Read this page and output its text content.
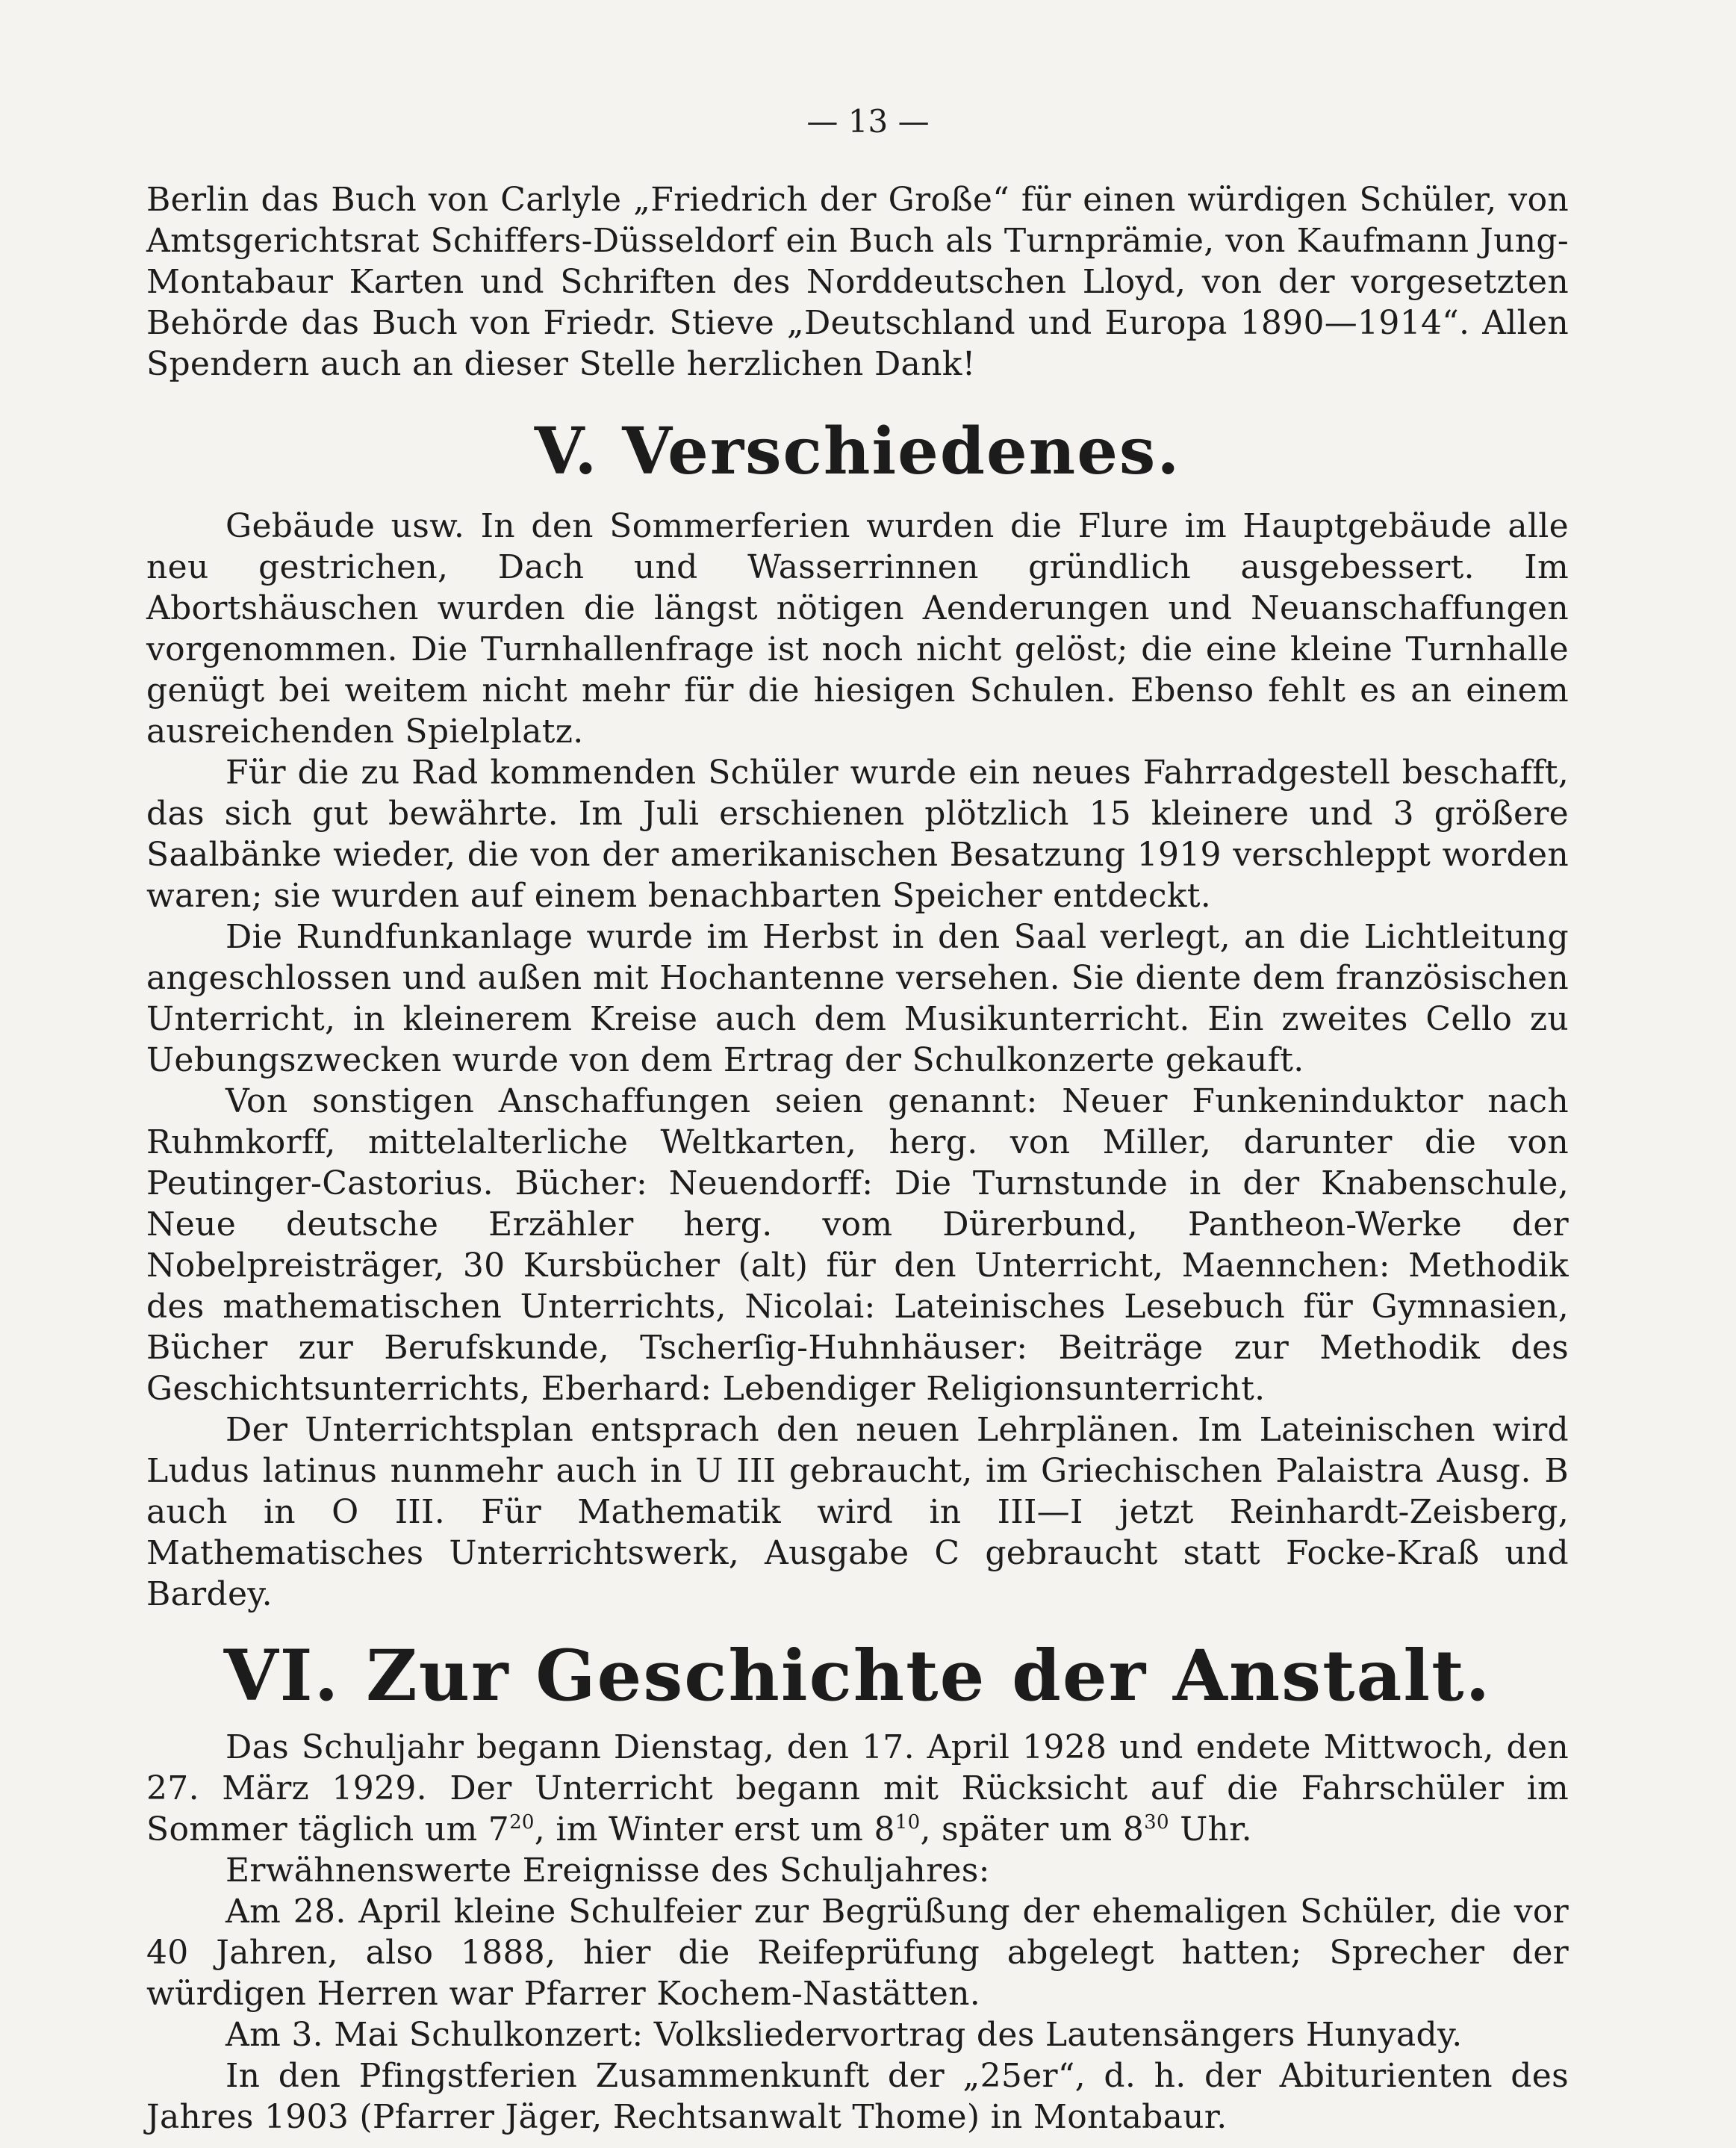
— 13 —

Berlin das Buch von Carlyle „Friedrich der Große“ für einen würdigen Schüler, von Amtsgerichtsrat Schiffers-Düsseldorf ein Buch als Turnprämie, von Kaufmann Jung-Montabaur Karten und Schriften des Norddeutschen Lloyd, von der vorgesetzten Behörde das Buch von Friedr. Stieve „Deutschland und Europa 1890—1914“. Allen Spendern auch an dieser Stelle herzlichen Dank!

V. Verschiedenes.

Gebäude usw. In den Sommerferien wurden die Flure im Hauptgebäude alle neu gestrichen, Dach und Wasserrinnen gründlich ausgebessert. Im Abortshäuschen wurden die längst nötigen Aenderungen und Neuanschaffungen vorgenommen. Die Turnhallenfrage ist noch nicht gelöst; die eine kleine Turnhalle genügt bei weitem nicht mehr für die hiesigen Schulen. Ebenso fehlt es an einem ausreichenden Spielplatz.

Für die zu Rad kommenden Schüler wurde ein neues Fahrradgestell beschafft, das sich gut bewährte. Im Juli erschienen plötzlich 15 kleinere und 3 größere Saalbänke wieder, die von der amerikanischen Besatzung 1919 verschleppt worden waren; sie wurden auf einem benachbarten Speicher entdeckt.

Die Rundfunkanlage wurde im Herbst in den Saal verlegt, an die Lichtleitung angeschlossen und außen mit Hochantenne versehen. Sie diente dem französischen Unterricht, in kleinerem Kreise auch dem Musikunterricht. Ein zweites Cello zu Uebungszwecken wurde von dem Ertrag der Schulkonzerte gekauft.

Von sonstigen Anschaffungen seien genannt: Neuer Funkeninduktor nach Ruhmkorff, mittelalterliche Weltkarten, herg. von Miller, darunter die von Peutinger-Castorius. Bücher: Neuendorff: Die Turnstunde in der Knabenschule, Neue deutsche Erzähler herg. vom Dürerbund, Pantheon-Werke der Nobelpreisträger, 30 Kursbücher (alt) für den Unterricht, Maennchen: Methodik des mathematischen Unterrichts, Nicolai: Lateinisches Lesebuch für Gymnasien, Bücher zur Berufskunde, Tscherſig-Huhnhäuser: Beiträge zur Methodik des Geschichtsunterrichts, Eberhard: Lebendiger Religionsunterricht.

Der Unterrichtsplan entsprach den neuen Lehrplänen. Im Lateinischen wird Ludus latinus nunmehr auch in U III gebraucht, im Griechischen Palaistra Ausg. B auch in O III. Für Mathematik wird in III—I jetzt Reinhardt-Zeisberg, Mathematisches Unterrichtswerk, Ausgabe C gebraucht statt Focke-Kraß und Bardey.

VI. Zur Geschichte der Anstalt.

Das Schuljahr begann Dienstag, den 17. April 1928 und endete Mittwoch, den 27. März 1929. Der Unterricht begann mit Rücksicht auf die Fahrschüler im Sommer täglich um $7^{20}$, im Winter erst um $8^{10}$, später um $8^{30}$ Uhr.

Erwähnenswerte Ereignisse des Schuljahres:

Am 28. April kleine Schulfeier zur Begrüßung der ehemaligen Schüler, die vor 40 Jahren, also 1888, hier die Reifeprüfung abgelegt hatten; Sprecher der würdigen Herren war Pfarrer Kochem-Nastätten.

Am 3. Mai Schulkonzert: Volksliedervortrag des Lautensängers Hunyady.

In den Pfingstferien Zusammenkunft der „25er“, d. h. der Abiturienten des Jahres 1903 (Pfarrer Jäger, Rechtsanwalt Thome) in Montabaur.
